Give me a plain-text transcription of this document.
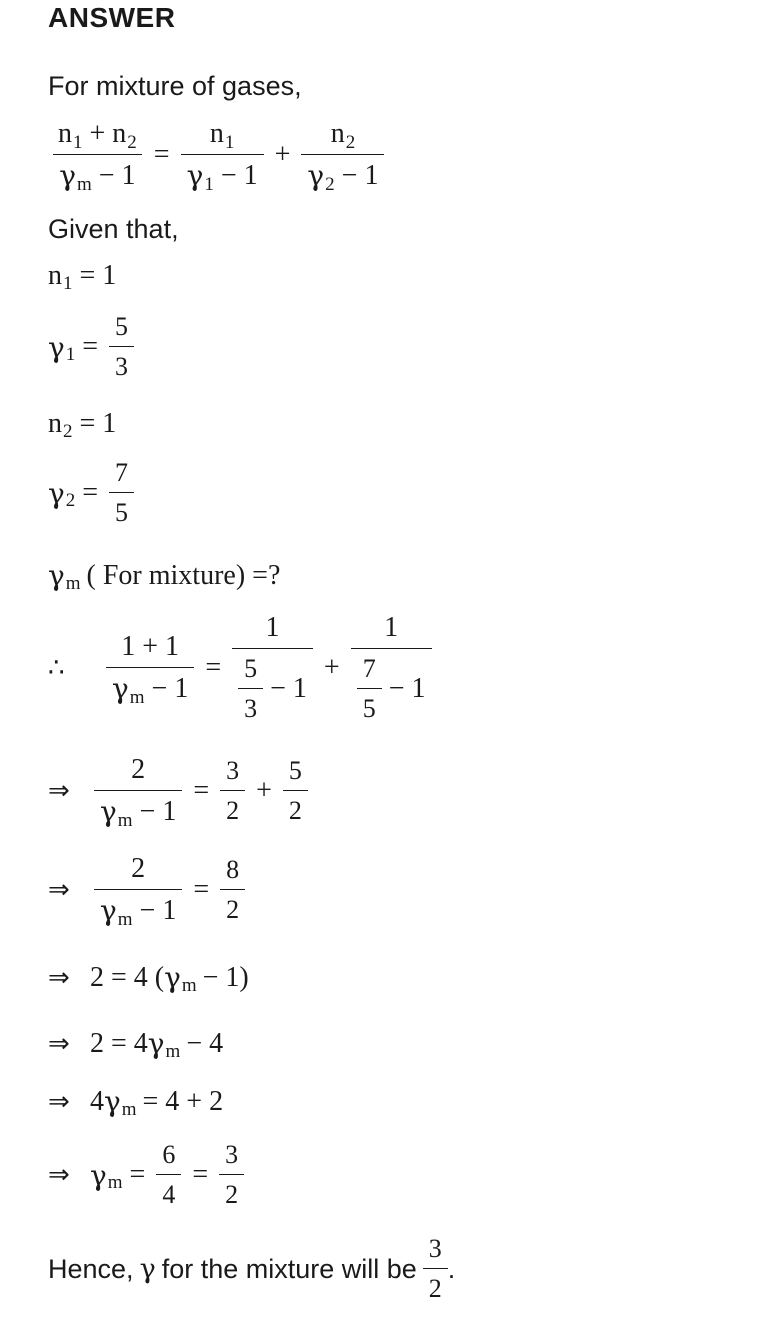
ANSWER
For mixture of gases,
$\frac{n 1 + n 2}{\text{γ m − 1}} = \frac{n 1}{\gamma 1 - 1} + \frac{n 2}{\gamma 2 - 1}$
Given that,
n 1 = 1
γ $1 = \frac{5}{3}$
n 2 = 1
γ $2 = \frac{7}{5}$
γ m ( For mixture) =?
∴	$\frac{1 + 1}{\text{γ m − 1}} = \frac{1}{\frac{5}{3} - 1} + \frac{1}{\frac{7}{5} - 1}$
⇒ $\frac{2}{\text{γ m − 1}} = \frac{3}{2} + \frac{5}{2}$
⇒ $\frac{2}{\text{γ m − 1}} = \frac{8}{2}$
⇒ 2 = 4 ( γ m − 1)
⇒ 2 = 4 γ m − 4
⇒ 4 γ m = 4 + 2
⇒ γ $m = \frac{6}{4} = \frac{3}{2}$
Hence, γ for the mixture will be $\frac{3}{2}$ .
